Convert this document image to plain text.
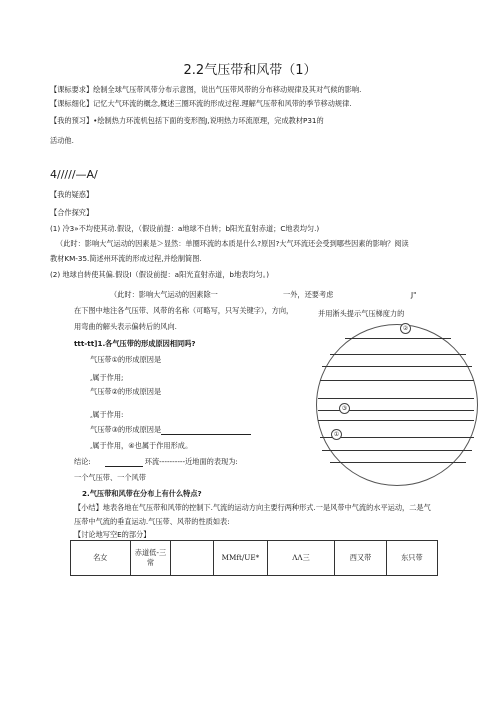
2.2气压带和风带（1）
【课标要求】绘制全球气压带风带分布示意图，说出气压带风带的分布移动规律及其对气候的影响.
【课标细化】记忆大气环流的概念,概述三圈环流的形成过程.理解气压带和风带的季节移动规律.
【我的预习】•绘制热力环流机包括下面的变形图J,说明热力环流原理，完成教材P31的
活动他.
4/////—A/
【我的疑惑】
【合作探究】
(1) 冷3»不均使其动.假设，（假设前提：a地球不自转；b阳光直射赤道；C地表均匀.)
（此时：影响大气运动的因素是＞显然：单圈环流的本质是什么?原因?大气环流还会受到哪些因素的影响？阅读
教材KM-35.简述州环流的形成过程,并绘制简图.
(2) 地球自转使其偏.假设I（假设前提：a阳光直射赤道，b地表均匀。)
（此时：影响大气运动的因素除一	一外，还要考虑	J"
在下图中地注各气压带、风带的名称（可略写，只写关键字），方向，	并用淅头提示气压梯度力的
用弯曲的解头表示偏转后的风向.	②
③
①
ttt-tt]1.各气压带的形成原因相同吗?
气压带①的形成原因是
,属于作用;
气压带②的形成原因是
,属于作用:
气压带③的形成原因是
,属于作用，④也属于作用形成。
结论:	环流----------近地面的表现为:
一个气压带、一个风带
2.气压带和风带在分布上有什么特点?
【小结】地表各地在气压带和风带的控制下.气流的运动方向主要行两种形式.一是风带中气流的水平运动，二是气
压带中气流的垂直运动.气压带、风带的性质如表:
【讨论地写空E的部分】
名女	赤道低-三常		MMft/UE*	ΛΛ三	西又带	东只带
